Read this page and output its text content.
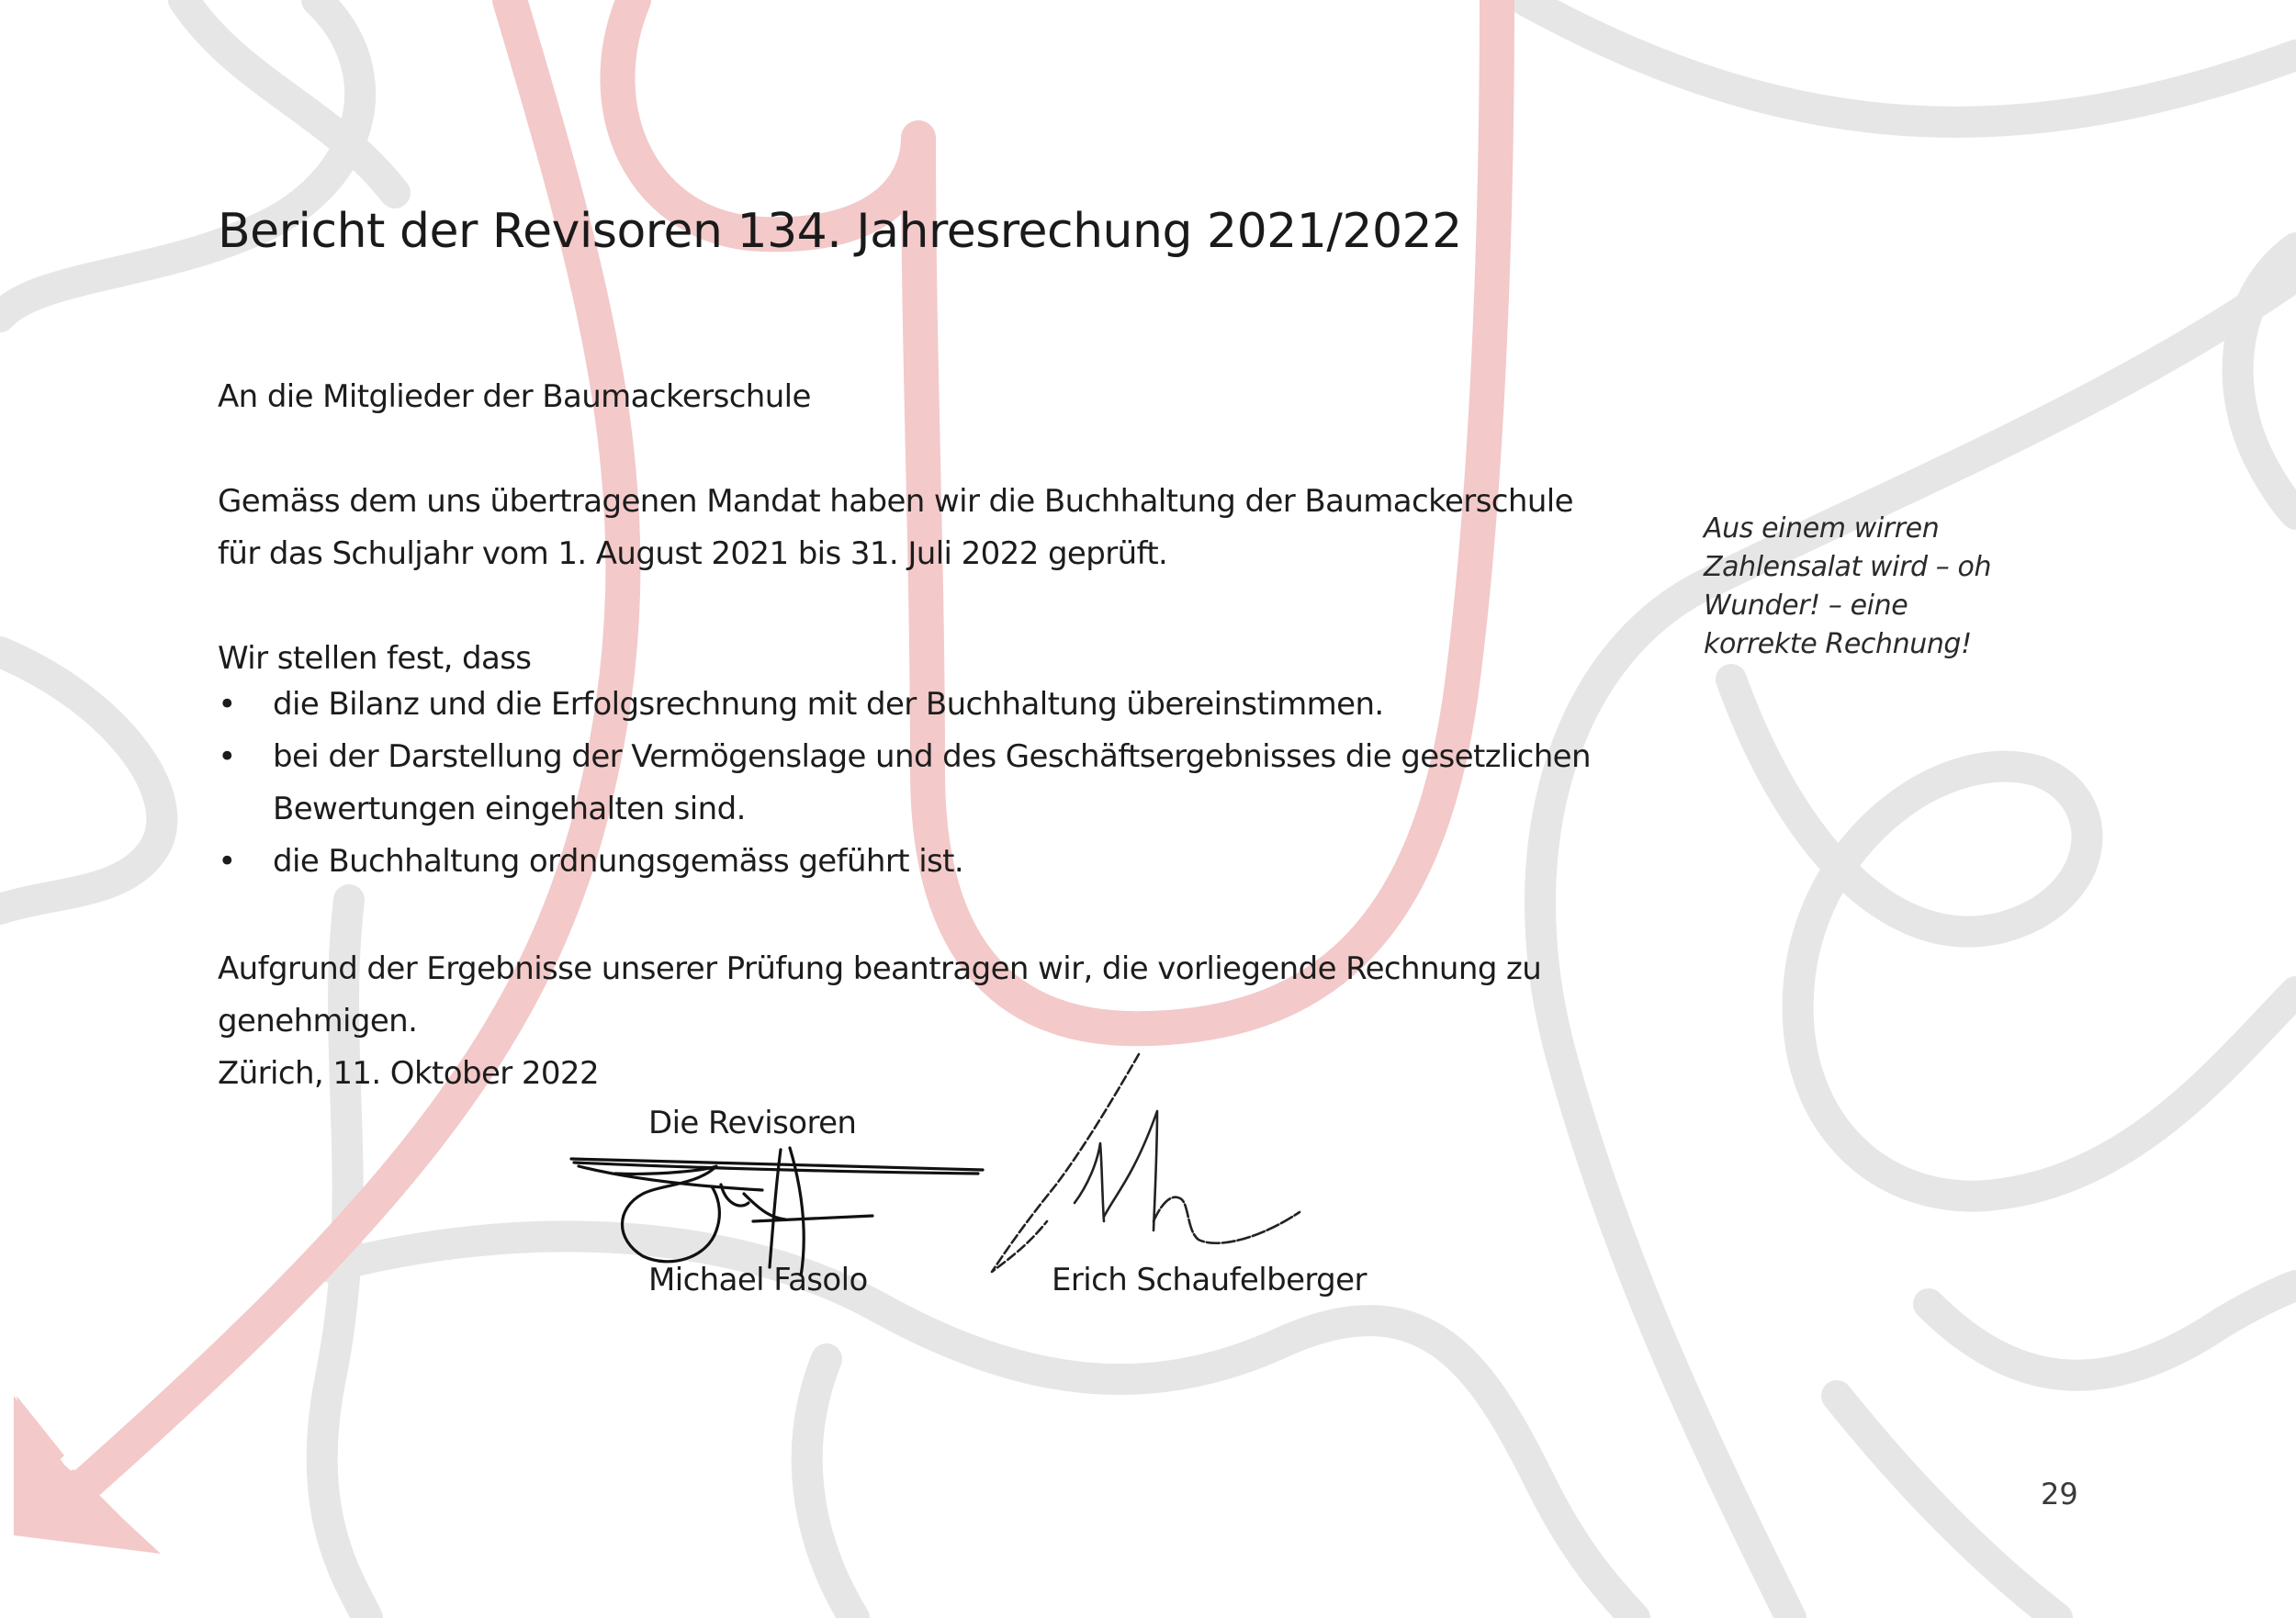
Bericht der Revisoren 134. Jahresrechung 2021/2022

An die Mitglieder der Baumackerschule

Gemäss dem uns übertragenen Mandat haben wir die Buchhaltung der Baumackerschule

für das Schuljahr vom 1. August 2021 bis 31. Juli 2022 geprüft.

Wir stellen fest, dass

• die Bilanz und die Erfolgsrechnung mit der Buchhaltung übereinstimmen.
• bei der Darstellung der Vermögenslage und des Geschäftsergebnisses die gesetzlichen
Bewertungen eingehalten sind.
• die Buchhaltung ordnungsgemäss geführt ist.

Aufgrund der Ergebnisse unserer Prüfung beantragen wir, die vorliegende Rechnung zu

genehmigen.

Zürich, 11. Oktober 2022

Aus einem wirren
Zahlensalat wird – oh
Wunder! – eine
korrekte Rechnung!

Die Revisoren
Michael Fasolo	Erich Schaufelberger
29
